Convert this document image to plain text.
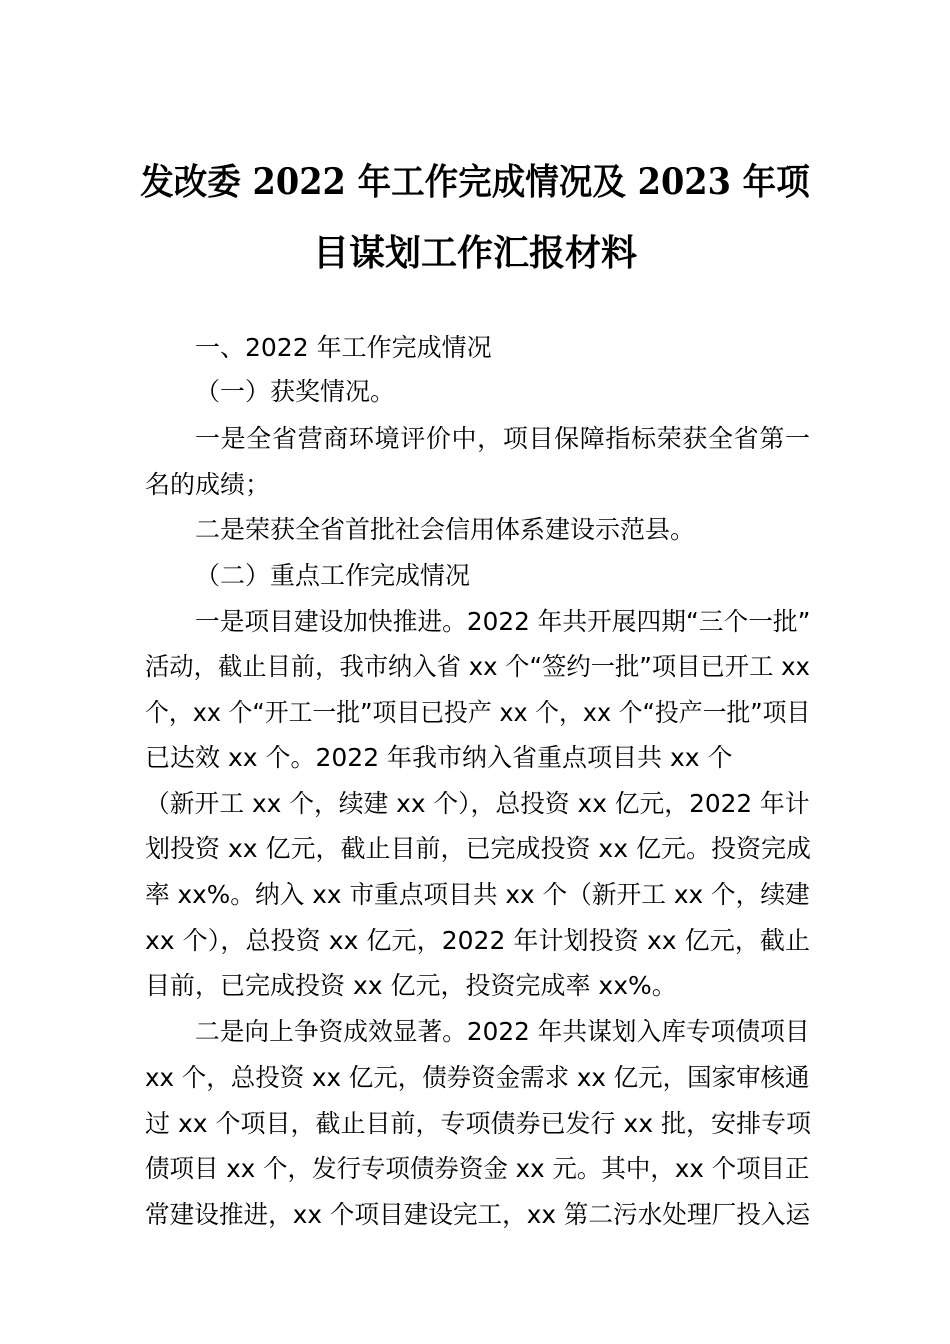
发改委 2022 年工作完成情况及 2023 年项
目谋划工作汇报材料
一、2022 年工作完成情况
（一）获奖情况。
一是全省营商环境评价中，项目保障指标荣获全省第一
名的成绩；
二是荣获全省首批社会信用体系建设示范县。
（二）重点工作完成情况
一是项目建设加快推进。2022 年共开展四期“三个一批”
活动，截止目前，我市纳入省 xx 个“签约一批”项目已开工 xx
个，xx 个“开工一批”项目已投产 xx 个，xx 个“投产一批”项目
已达效 xx 个。2022 年我市纳入省重点项目共 xx 个
（新开工 xx 个，续建 xx 个），总投资 xx 亿元，2022 年计
划投资 xx 亿元，截止目前，已完成投资 xx 亿元。投资完成
率 xx%。纳入 xx 市重点项目共 xx 个（新开工 xx 个，续建
xx 个），总投资 xx 亿元，2022 年计划投资 xx 亿元，截止
目前，已完成投资 xx 亿元，投资完成率 xx%。
二是向上争资成效显著。2022 年共谋划入库专项债项目
xx 个，总投资 xx 亿元，债券资金需求 xx 亿元，国家审核通
过 xx 个项目，截止目前，专项债券已发行 xx 批，安排专项
债项目 xx 个，发行专项债券资金 xx 元。其中，xx 个项目正
常建设推进，xx 个项目建设完工，xx 第二污水处理厂投入运
